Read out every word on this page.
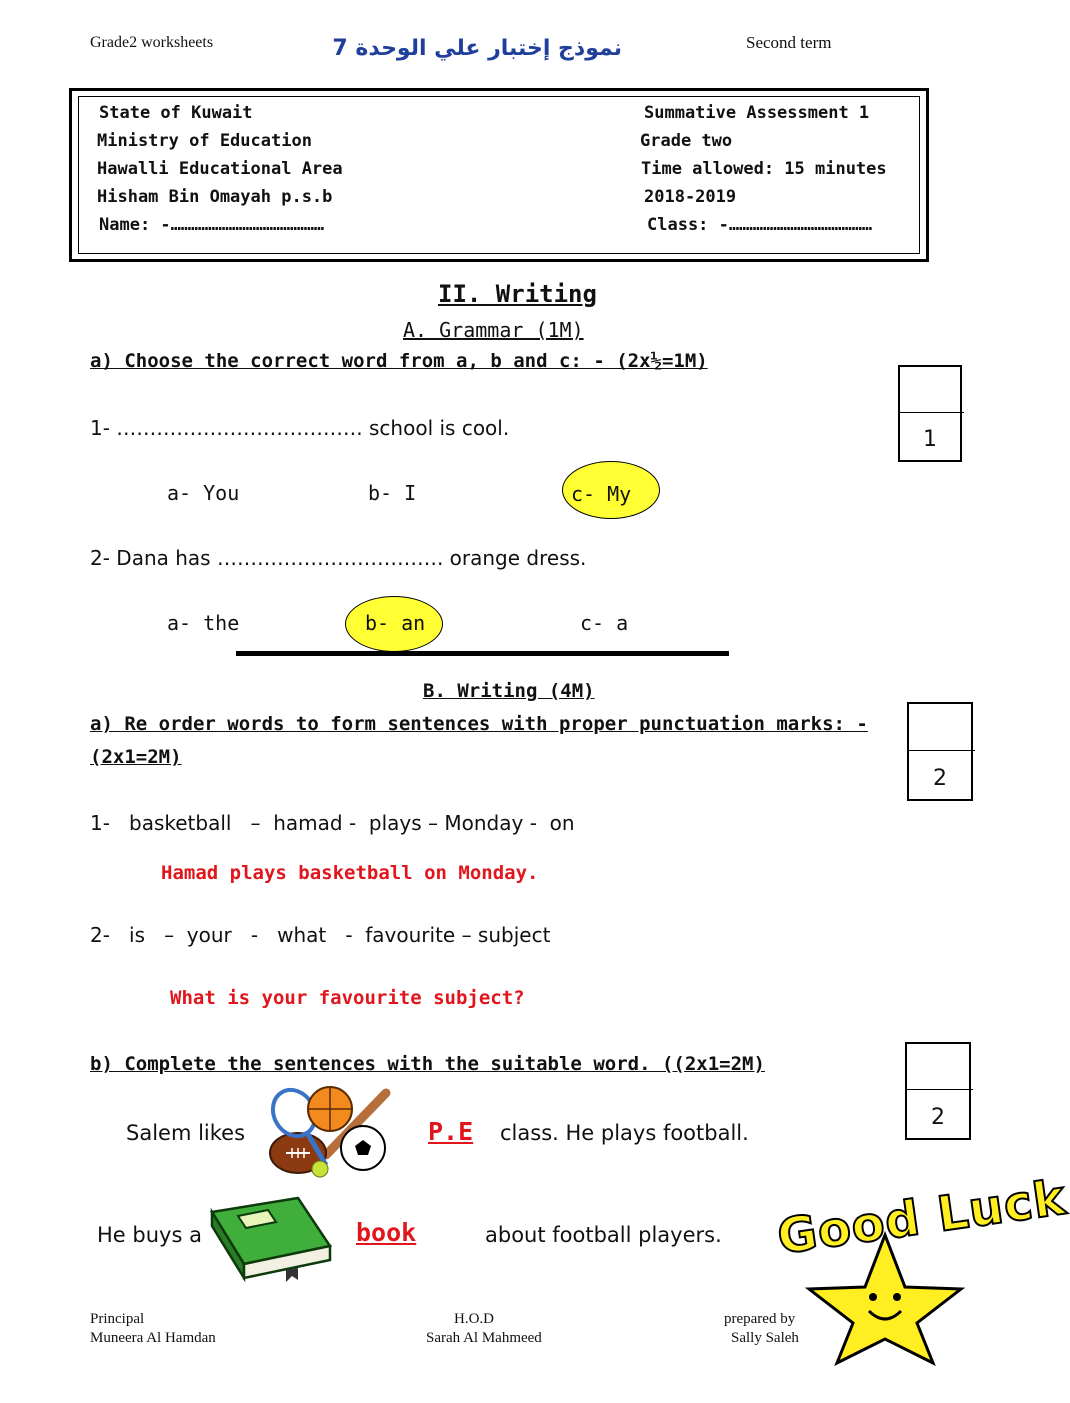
Grade2 worksheets	نموذج إختبار علي الوحدة 7	Second term
State of Kuwait
Ministry of Education
Hawalli Educational Area
Hisham Bin Omayah p.s.b
Name: -………………………………………
Summative Assessment 1
Grade two
Time allowed: 15 minutes
2018-2019
Class: -……………………………………
II. Writing
A. Grammar (1M)
a) Choose the correct word from a, b and c: - (2x½=1M)
1
1- ………………………………. school is cool.
a- You	b- I	c- My
2- Dana has ……………………………. orange dress.
a- the	b- an	c- a
B. Writing (4M)
a) Re order words to form sentences with proper punctuation marks: -
(2x1=2M)
2
1-   basketball   –  hamad -  plays – Monday -  on
Hamad plays basketball on Monday.
2-   is   –  your   -   what   -  favourite – subject
What is your favourite subject?
b) Complete the sentences with the suitable word. ((2x1=2M)
2
Salem likes	P.E class. He plays football.
He buys a	book	about football players. Good Luck
Principal
Muneera Al Hamdan
H.O.D
Sarah Al Mahmeed
prepared by
Sally Saleh
